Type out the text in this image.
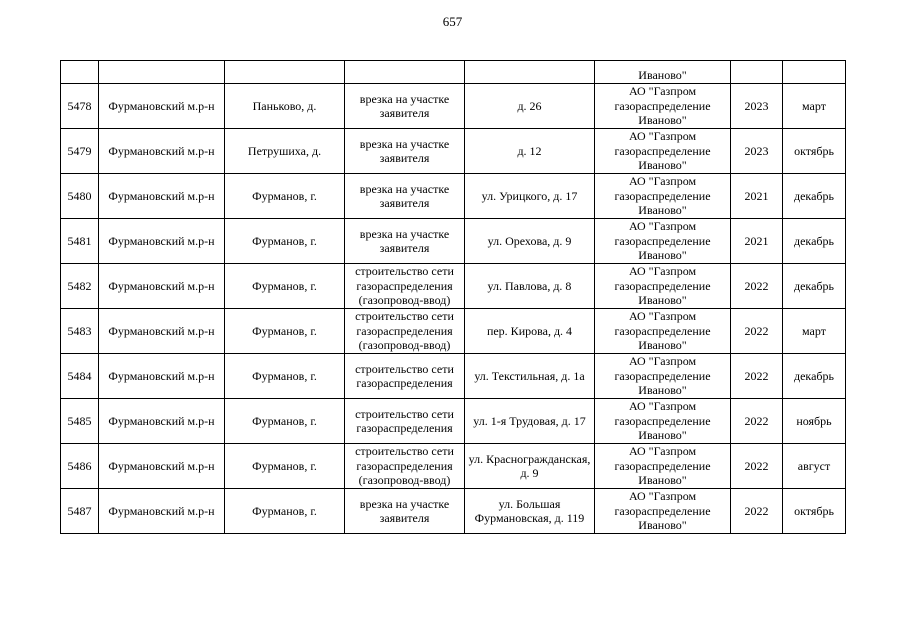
657
					Иваново"		
5478	Фурмановский м.р-н	Паньково, д.	врезка на участке заявителя	д. 26	АО "Газпром газораспределение Иваново"	2023	март
5479	Фурмановский м.р-н	Петрушиха, д.	врезка на участке заявителя	д. 12	АО "Газпром газораспределение Иваново"	2023	октябрь
5480	Фурмановский м.р-н	Фурманов, г.	врезка на участке заявителя	ул. Урицкого, д. 17	АО "Газпром газораспределение Иваново"	2021	декабрь
5481	Фурмановский м.р-н	Фурманов, г.	врезка на участке заявителя	ул. Орехова, д. 9	АО "Газпром газораспределение Иваново"	2021	декабрь
5482	Фурмановский м.р-н	Фурманов, г.	строительство сети газораспределения (газопровод-ввод)	ул. Павлова, д. 8	АО "Газпром газораспределение Иваново"	2022	декабрь
5483	Фурмановский м.р-н	Фурманов, г.	строительство сети газораспределения (газопровод-ввод)	пер. Кирова, д. 4	АО "Газпром газораспределение Иваново"	2022	март
5484	Фурмановский м.р-н	Фурманов, г.	строительство сети газораспределения	ул. Текстильная, д. 1а	АО "Газпром газораспределение Иваново"	2022	декабрь
5485	Фурмановский м.р-н	Фурманов, г.	строительство сети газораспределения	ул. 1-я Трудовая, д. 17	АО "Газпром газораспределение Иваново"	2022	ноябрь
5486	Фурмановский м.р-н	Фурманов, г.	строительство сети газораспределения (газопровод-ввод)	ул. Красногражданская, д. 9	АО "Газпром газораспределение Иваново"	2022	август
5487	Фурмановский м.р-н	Фурманов, г.	врезка на участке заявителя	ул. Большая Фурмановская, д. 119	АО "Газпром газораспределение Иваново"	2022	октябрь
